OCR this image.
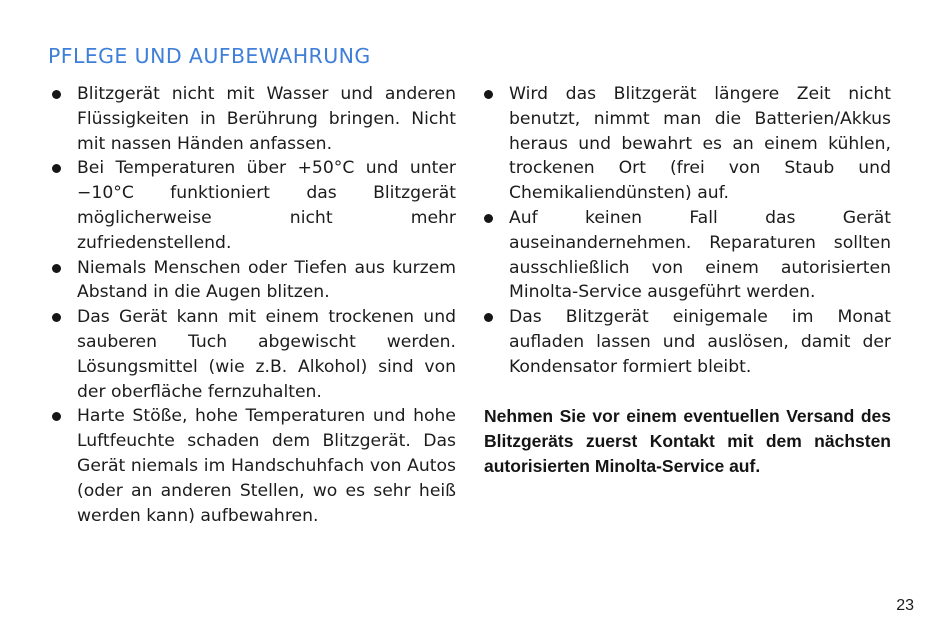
PFLEGE UND AUFBEWAHRUNG
Blitzgerät nicht mit Wasser und anderen Flüssigkeiten in Berührung bringen. Nicht mit nassen Händen anfassen.
Bei Temperaturen über +50°C und unter −10°C funktioniert das Blitzgerät möglicherweise nicht mehr zufriedenstellend.
Niemals Menschen oder Tiefen aus kurzem Abstand in die Augen blitzen.
Das Gerät kann mit einem trockenen und sauberen Tuch abgewischt werden. Lösungsmittel (wie z.B. Alkohol) sind von der oberfläche fernzuhalten.
Harte Stöße, hohe Temperaturen und hohe Luftfeuchte schaden dem Blitzgerät. Das Gerät niemals im Handschuhfach von Autos (oder an anderen Stellen, wo es sehr heiß werden kann) aufbewahren.
Wird das Blitzgerät längere Zeit nicht benutzt, nimmt man die Batterien/Akkus heraus und bewahrt es an einem kühlen, trockenen Ort (frei von Staub und Chemikaliendünsten) auf.
Auf keinen Fall das Gerät auseinandernehmen. Reparaturen sollten ausschließlich von einem autorisierten Minolta-Service ausgeführt werden.
Das Blitzgerät einigemale im Monat aufladen lassen und auslösen, damit der Kondensator formiert bleibt.
Nehmen Sie vor einem eventuellen Versand des Blitzgeräts zuerst Kontakt mit dem nächsten autorisierten Minolta-Service auf.
23
